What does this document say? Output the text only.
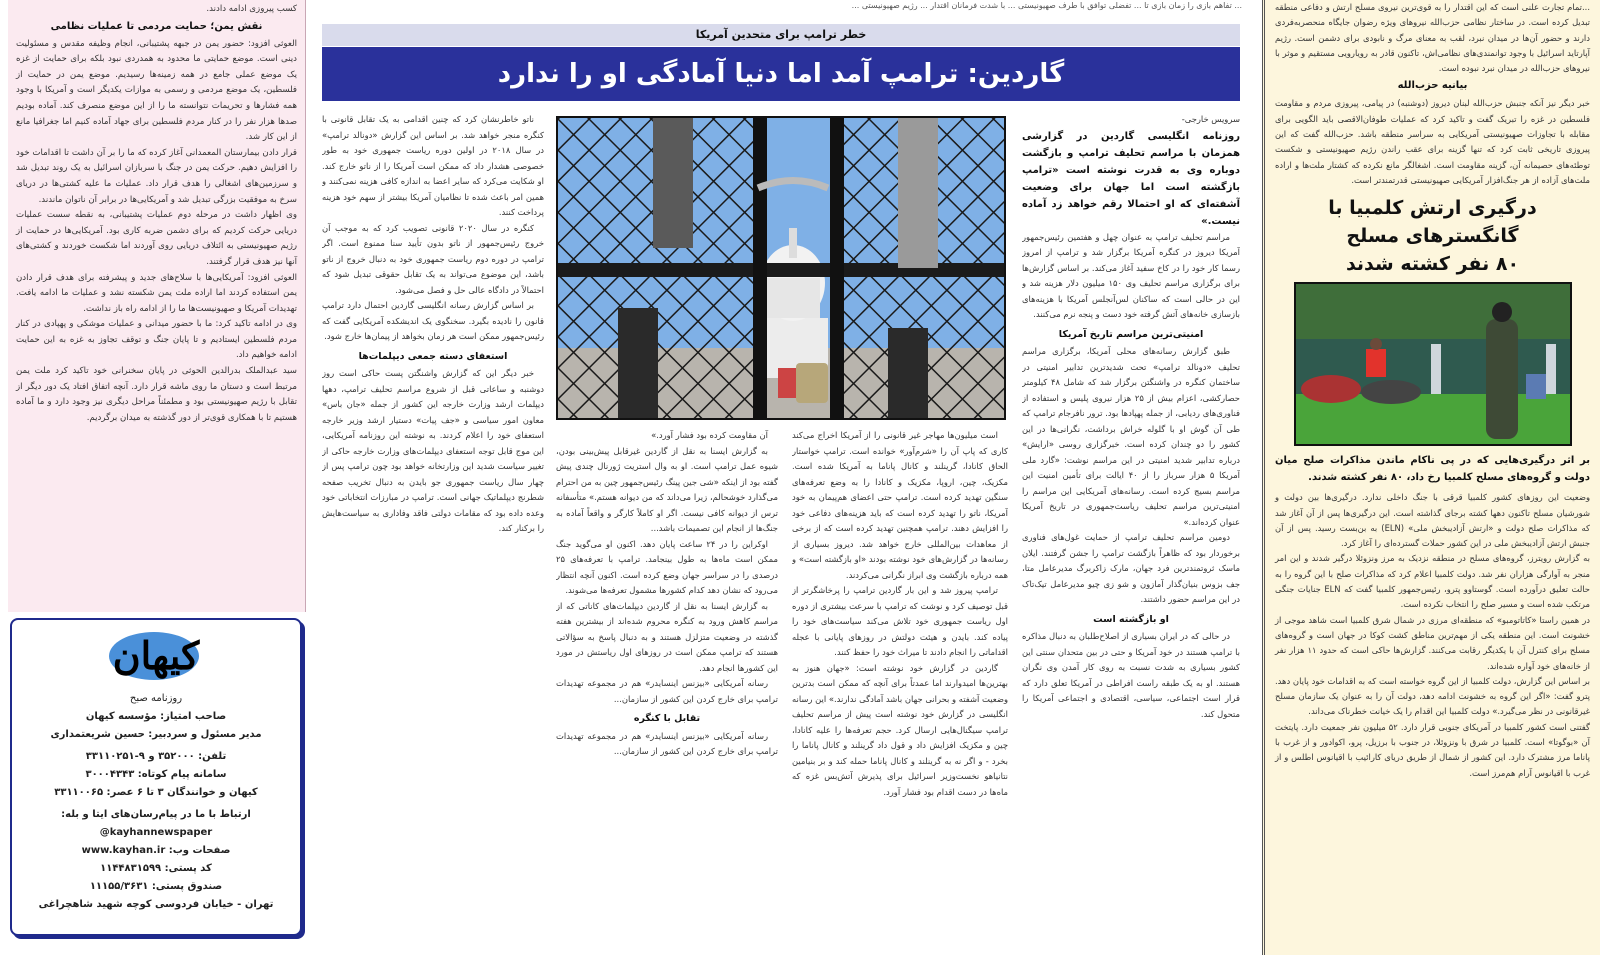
کسب پیروزی ادامه دادند.

نقش یمن؛ حمایت مردمی تا عملیات نظامی

العوثی افزود: حضور یمن در جبهه پشتیبانی، انجام وظیفه مقدس و مسئولیت دینی است. موضع حمایتی ما محدود به همدردی نبود بلکه برای حمایت از غزه یک موضع عملی جامع در همه زمینه‌ها رسیدیم. موضع یمن در حمایت از فلسطین، یک موضع مردمی و رسمی به موازات یکدیگر است و آمریکا با وجود همه فشارها و تحریمات نتوانسته ما را از این موضع منصرف کند. آماده بودیم صدها هزار نفر را در کنار مردم فلسطین برای جهاد آماده کنیم اما جغرافیا مانع از این کار شد.

قرار دادن بیمارستان المعمدانی آغاز کرده که ما را بر آن داشت تا اقدامات خود را افزایش دهیم. حرکت یمن در جنگ با سربازان اسرائیل به یک روند تبدیل شد و سرزمین‌های اشغالی را هدف قرار داد. عملیات ما علیه کشتی‌ها در دریای سرخ به موفقیت بزرگی تبدیل شد و آمریکایی‌ها در برابر آن ناتوان ماندند.

وی اظهار داشت در مرحله دوم عملیات پشتیبانی، به نقطه سست عملیات دریایی حرکت کردیم که برای دشمن ضربه کاری بود. آمریکایی‌ها در حمایت از رژیم صهیونیستی به ائتلاف دریایی روی آوردند اما شکست خوردند و کشتی‌های آنها نیز هدف قرار گرفتند.

العوثی افزود: آمریکایی‌ها با سلاح‌های جدید و پیشرفته برای هدف قرار دادن یمن استفاده کردند اما اراده ملت یمن شکسته نشد و عملیات ما ادامه یافت. تهدیدات آمریکا و صهیونیست‌ها ما را از ادامه راه باز نداشت.

وی در ادامه تاکید کرد: ما با حضور میدانی و عملیات موشکی و پهپادی در کنار مردم فلسطین ایستادیم و تا پایان جنگ و توقف تجاوز به غزه به این حمایت ادامه خواهیم داد.

سید عبدالملک بدرالدین الحوثی در پایان سخنرانی خود تاکید کرد ملت یمن مرتبط است و دستان ما روی ماشه قرار دارد. آنچه اتفاق افتاد یک دور دیگر از تقابل با رژیم صهیونیستی بود و مطمئناً مراحل دیگری نیز وجود دارد و ما آماده هستیم تا با همکاری قوی‌تر از دور گذشته به میدان برگردیم.

کیهان
روزنامه صبح
صاحب امتیاز: مؤسسه کیهان
مدیر مسئول و سردبیر: حسین شریعتمداری
تلفن: ۳۵۲۰۰۰ و ۹-۳۳۱۱۰۲۵۱
سامانه پیام کوتاه: ۳۰۰۰۴۳۴۳
کیهان و خوانندگان ۳ تا ۶ عصر: ۳۳۱۱۰۰۶۵
ارتباط با ما در پیام‌رسان‌های ایتا و بله:
@kayhannewspaper
صفحات وب: www.kayhan.ir
کد پستی: ۱۱۴۴۸۳۱۵۹۹
صندوق پستی: ۱۱۱۵۵/۳۶۳۱
تهران - خیابان فردوسی کوچه شهید شاهچراغی
... تفاهم بازی را زمان بازی تا ... تفضلی توافق با طرف صهیونیستی ... با شدت فرمانان اقتدار ... رژیم صهیونیستی ...
خطر ترامپ برای متحدین آمریکا
گاردین: ترامپ آمد اما دنیا آمادگی او را ندارد

سرویس خارجی-

روزنامه انگلیسی گاردین در گزارشی همزمان با مراسم تحلیف ترامپ و بازگشت دوباره وی به قدرت نوشته است «ترامپ بازگشته است اما جهان برای وضعیت آشفته‌ای که او احتمالا رقم خواهد زد آماده نیست.»

مراسم تحلیف ترامپ به عنوان چهل و هفتمین رئیس‌جمهور آمریکا دیروز در کنگره آمریکا برگزار شد و ترامپ از امروز رسما کار خود را در کاخ سفید آغاز می‌کند. بر اساس گزارش‌ها برای برگزاری مراسم تحلیف وی ۱۵۰ میلیون دلار هزینه شد و این در حالی است که ساکنان لس‌آنجلس آمریکا با هزینه‌های بازسازی خانه‌های آتش گرفته خود دست و پنجه نرم می‌کنند.

امنیتی‌ترین مراسم تاریخ آمریکا

طبق گزارش رسانه‌های محلی آمریکا، برگزاری مراسم تحلیف «دونالد ترامپ» تحت شدیدترین تدابیر امنیتی در ساختمان کنگره در واشنگتن برگزار شد که شامل ۴۸ کیلومتر حصارکشی، اعزام بیش از ۲۵ هزار نیروی پلیس و استفاده از فناوری‌های ردیابی، از جمله پهپادها بود. ترور نافرجام ترامپ که طی آن گوش او با گلوله خراش برداشت، نگرانی‌ها در این کشور را دو چندان کرده است. خبرگزاری روسی «ارایش» درباره تدابیر شدید امنیتی در این مراسم نوشت: «گارد ملی آمریکا ۵ هزار سرباز را از ۴۰ ایالت برای تأمین امنیت این مراسم بسیج کرده است. رسانه‌های آمریکایی این مراسم را امنیتی‌ترین مراسم تحلیف ریاست‌جمهوری در تاریخ آمریکا عنوان کرده‌اند.»

دومین مراسم تحلیف ترامپ از حمایت غول‌های فناوری برخوردار بود که ظاهراً بازگشت ترامپ را جشن گرفتند. ایلان ماسک ثروتمندترین فرد جهان، مارک زاکربرگ مدیرعامل متا، جف بزوس بنیان‌گذار آمازون و شو زی چیو مدیرعامل تیک‌تاک در این مراسم حضور داشتند.

او بازگشته است

در حالی که در ایران بسیاری از اصلاح‌طلبان به دنبال مذاکره با ترامپ هستند در خود آمریکا و حتی در بین متحدان سنتی این کشور بسیاری به شدت نسبت به روی کار آمدن وی نگران هستند. او به یک طبقه راست افراطی در آمریکا تعلق دارد که قرار است اجتماعی، سیاسی، اقتصادی و اجتماعی آمریکا را متحول کند.

است میلیون‌ها مهاجر غیر قانونی را از آمریکا اخراج می‌کند کاری که پاپ آن را «شرم‌آور» خوانده است. ترامپ خواستار الحاق کانادا، گرینلند و کانال پاناما به آمریکا شده است. مکزیک، چین، اروپا، مکزیک و کانادا را به وضع تعرفه‌های سنگین تهدید کرده است. ترامپ حتی اعضای هم‌پیمان به خود آمریکا، ناتو را تهدید کرده است که باید هزینه‌های دفاعی خود را افزایش دهند. ترامپ همچنین تهدید کرده است که از برخی از معاهدات بین‌المللی خارج خواهد شد. دیروز بسیاری از رسانه‌ها در گزارش‌های خود نوشته بودند «او بازگشته است» و همه درباره بازگشت وی ابراز نگرانی می‌کردند.

ترامپ پیروز شد و این بار گاردین ترامپ را پرخاشگرتر از قبل توصیف کرد و نوشت که ترامپ با سرعت بیشتری از دوره اول ریاست جمهوری خود تلاش می‌کند سیاست‌های خود را پیاده کند. بایدن و هیئت دولتش در روزهای پایانی با عجله اقداماتی را انجام دادند تا میراث خود را حفظ کنند.

گاردین در گزارش خود نوشته است: «جهان هنوز به بهترین‌ها امیدوارند اما عمدتاً برای آنچه که ممکن است بدترین وضعیت آشفته و بحرانی جهان باشد آمادگی ندارند.» این رسانه انگلیسی در گزارش خود نوشته است پیش از مراسم تحلیف ترامپ سیگنال‌هایی ارسال کرد. حجم تعرفه‌ها را علیه کانادا، چین و مکزیک افزایش داد و قول داد گرینلند و کانال پاناما را بخرد - و اگر نه به گرینلند و کانال پاناما حمله کند و بر بنیامین نتانیاهو نخست‌وزیر اسرائیل برای پذیرش آتش‌بس غزه که ماه‌ها در دست اقدام بود فشار آورد.

آن مقاومت کرده بود فشار آورد.»

به گزارش ایسنا به نقل از گاردین غیرقابل پیش‌بینی بودن، شیوه عمل ترامپ است. او به وال استریت ژورنال چندی پیش گفته بود از اینکه «شی جین پینگ رئیس‌جمهور چین به من احترام می‌گذارد خوشحالم، زیرا می‌داند که من دیوانه هستم.» متأسفانه ترس از دیوانه کافی نیست. اگر او کاملاً کارگر و واقعاً آماده به جنگ‌ها از انجام این تصمیمات باشد...

اوکراین را در ۲۴ ساعت پایان دهد. اکنون او می‌گوید جنگ ممکن است ماه‌ها به طول بینجامد. ترامپ با تعرفه‌های ۲۵ درصدی را در سراسر جهان وضع کرده است. اکنون آنچه انتظار می‌رود که نشان دهد کدام کشورها مشمول تعرفه‌ها می‌شوند.

به گزارش ایسنا به نقل از گاردین دیپلمات‌های کاناتی که از مراسم کاهش ورود به کنگره محروم شده‌اند از بیشترین هفته گذشته در وضعیت متزلزل هستند و به دنبال پاسخ به سؤالاتی هستند که ترامپ ممکن است در روزهای اول ریاستش در مورد این کشورها انجام دهد.

رسانه آمریکایی «بیزنس اینسایدر» هم در مجموعه تهدیدات ترامپ برای خارج کردن این کشور از سازمان...

تقابل با کنگره

رسانه آمریکایی «بیزنس اینسایدر» هم در مجموعه تهدیدات ترامپ برای خارج کردن این کشور از سازمان...

ناتو خاطرنشان کرد که چنین اقدامی به یک تقابل قانونی با کنگره منجر خواهد شد. بر اساس این گزارش «دونالد ترامپ» در سال ۲۰۱۸ در اولین دوره ریاست جمهوری خود به طور خصوصی هشدار داد که ممکن است آمریکا را از ناتو خارج کند. او شکایت می‌کرد که سایر اعضا به اندازه کافی هزینه نمی‌کنند و همین امر باعث شده تا نظامیان آمریکا بیشتر از سهم خود هزینه پرداخت کنند.

کنگره در سال ۲۰۲۰ قانونی تصویب کرد که به موجب آن خروج رئیس‌جمهور از ناتو بدون تأیید سنا ممنوع است. اگر ترامپ در دوره دوم ریاست جمهوری خود به دنبال خروج از ناتو باشد، این موضوع می‌تواند به یک تقابل حقوقی تبدیل شود که احتمالاً در دادگاه عالی حل و فصل می‌شود.

بر اساس گزارش رسانه انگلیسی گاردین احتمال دارد ترامپ قانون را نادیده بگیرد. سخنگوی یک اندیشکده آمریکایی گفت که رئیس‌جمهور ممکن است هر زمان بخواهد از پیمان‌ها خارج شود.

استعفای دسته جمعی دیپلمات‌ها

خبر دیگر این که گزارش واشنگتن پست حاکی است روز دوشنبه و ساعاتی قبل از شروع مراسم تحلیف ترامپ، دهها دیپلمات ارشد وزارت خارجه این کشور از جمله «جان باس» معاون امور سیاسی و «جف پیات» دستیار ارشد وزیر خارجه استعفای خود را اعلام کردند. به نوشته این روزنامه آمریکایی، این موج قابل توجه استعفای دیپلمات‌های وزارت خارجه حاکی از تغییر سیاست شدید این وزارتخانه خواهد بود چون ترامپ پس از چهار سال ریاست جمهوری جو بایدن به دنبال تخریب صفحه شطرنج دیپلماتیک جهانی است. ترامپ در مبارزات انتخاباتی خود وعده داده بود که مقامات دولتی فاقد وفاداری به سیاست‌هایش را برکنار کند.

...تمام تجارت علنی است که این اقتدار را به قوی‌ترین نیروی مسلح ارتش و دفاعی منطقه تبدیل کرده است. در ساختار نظامی حزب‌الله نیروهای ویژه رضوان جایگاه منحصربه‌فردی دارند و حضور آن‌ها در میدان نبرد، لقب به معنای مرگ و نابودی برای دشمن است. رژیم آپارتاید اسرائیل با وجود توانمندی‌های نظامی‌اش، تاکنون قادر به رویارویی مستقیم و موثر با نیروهای حزب‌الله در میدان نبرد نبوده است.

بیانیه حزب‌الله

خبر دیگر نیز آنکه جنبش حزب‌الله لبنان دیروز (دوشنبه) در پیامی، پیروزی مردم و مقاومت فلسطین در غزه را تبریک گفت و تاکید کرد که عملیات طوفان‌الاقصی باید الگویی برای مقابله با تجاوزات صهیونیستی آمریکایی به سراسر منطقه باشد. حزب‌الله گفت که این پیروزی تاریخی ثابت کرد که تنها گزینه برای عقب راندن رژیم صهیونیستی و شکست توطئه‌های حصیمانه آن، گزینه مقاومت است. اشغالگر مانع نکرده که کشتار ملت‌ها و اراده ملت‌های آزاده از هر جنگ‌افزار آمریکایی صهیونیستی قدرتمندتر است.

درگیری ارتش کلمبیا با گانگسترهای مسلح
۸۰ نفر کشته شدند

بر اثر درگیری‌هایی که در پی ناکام ماندن مذاکرات صلح میان دولت و گروه‌های مسلح کلمبیا رخ داد، ۸۰ نفر کشته شدند.

وضعیت این روزهای کشور کلمبیا قرقی با جنگ داخلی ندارد. درگیری‌ها بین دولت و شورشیان مسلح تاکنون دهها کشته برجای گذاشته است. این درگیری‌ها پس از آن آغاز شد که مذاکرات صلح دولت و «ارتش آزادیبخش ملی» (ELN) به بن‌بست رسید. پس از آن جنبش ارتش آزادیبخش ملی در این کشور حملات گسترده‌ای را آغاز کرد.

به گزارش رویترز، گروه‌های مسلح در منطقه نزدیک به مرز ونزوئلا درگیر شدند و این امر منجر به آوارگی هزاران نفر شد. دولت کلمبیا اعلام کرد که مذاکرات صلح با این گروه را به حالت تعلیق درآورده است. گوستاوو پترو، رئیس‌جمهور کلمبیا گفت که ELN جنایات جنگی مرتکب شده است و مسیر صلح را انتخاب نکرده است.

در همین راستا «کاتاتومبو» که منطقه‌ای مرزی در شمال شرق کلمبیا است شاهد موجی از خشونت است. این منطقه یکی از مهم‌ترین مناطق کشت کوکا در جهان است و گروه‌های مسلح برای کنترل آن با یکدیگر رقابت می‌کنند. گزارش‌ها حاکی است که حدود ۱۱ هزار نفر از خانه‌های خود آواره شده‌اند.

بر اساس این گزارش، دولت کلمبیا از این گروه خواسته است که به اقدامات خود پایان دهد. پترو گفت: «اگر این گروه به خشونت ادامه دهد، دولت آن را به عنوان یک سازمان مسلح غیرقانونی در نظر می‌گیرد.» دولت کلمبیا این اقدام را یک خیانت خطرناک می‌داند.

گفتنی است کشور کلمبیا در آمریکای جنوبی قرار دارد. ۵۲ میلیون نفر جمعیت دارد. پایتخت آن «بوگوتا» است. کلمبیا در شرق با ونزوئلا، در جنوب با برزیل، پرو، اکوادور و از غرب با پاناما مرز مشترک دارد. این کشور از شمال از طریق دریای کارائیب با اقیانوس اطلس و از غرب با اقیانوس آرام هم‌مرز است.
